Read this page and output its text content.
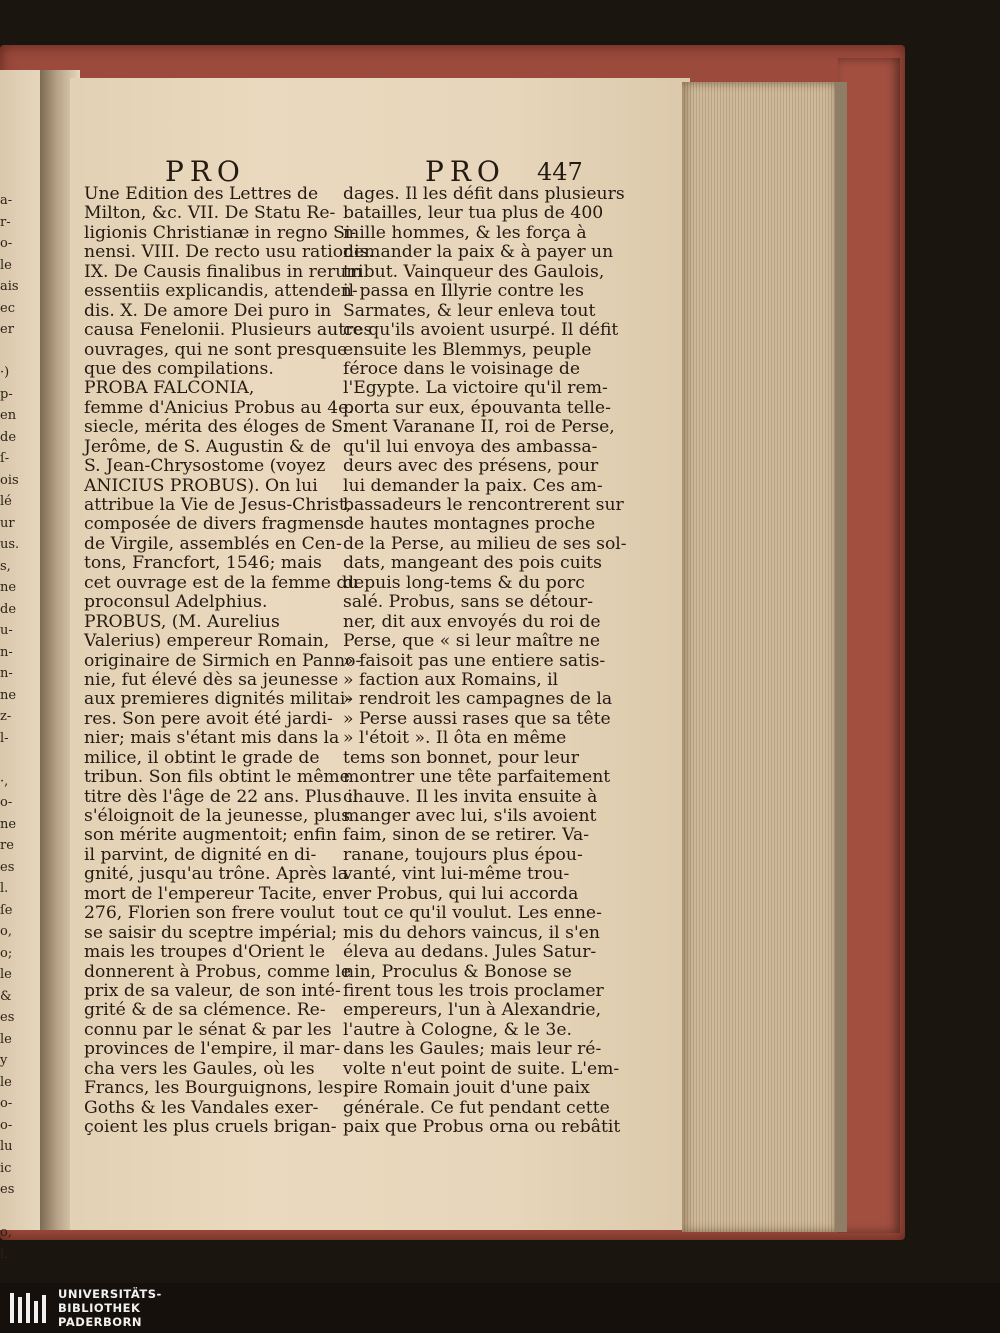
a-
r-
o-
le
ais
ec
er
·)
p-
en
de
ſ-
ois
lé
ur
us.
s,
ne
de
u-
n-
n-
ne
z-
l-
·,
o-
ne
re
es
l.
ſe
o,
o;
le
&
es
le
y
le
o-
o-
lu
ic
es
o,
l.
PRO	PRO 447
Une Edition des Lettres de
Milton, &c. VII. De Statu Re-
ligionis Christianæ in regno Si-
nensi. VIII. De recto usu rationis.
IX. De Causis finalibus in rerum
essentiis explicandis, attenden-
dis. X. De amore Dei puro in
causa Fenelonii. Plusieurs autres
ouvrages, qui ne sont presque
que des compilations.
PROBA FALCONIA,
femme d'Anicius Probus au 4e.
siecle, mérita des éloges de S.
Jerôme, de S. Augustin & de
S. Jean-Chrysostome (voyez
ANICIUS PROBUS). On lui
attribue la Vie de Jesus-Christ,
composée de divers fragmens
de Virgile, assemblés en Cen-
tons, Francfort, 1546; mais
cet ouvrage est de la femme du
proconsul Adelphius.
PROBUS, (M. Aurelius
Valerius) empereur Romain,
originaire de Sirmich en Panno-
nie, fut élevé dès sa jeunesse
aux premieres dignités militai-
res. Son pere avoit été jardi-
nier; mais s'étant mis dans la
milice, il obtint le grade de
tribun. Son fils obtint le même
titre dès l'âge de 22 ans. Plus il
s'éloignoit de la jeunesse, plus
son mérite augmentoit; enfin
il parvint, de dignité en di-
gnité, jusqu'au trône. Après la
mort de l'empereur Tacite, en
276, Florien son frere voulut
se saisir du sceptre impérial;
mais les troupes d'Orient le
donnerent à Probus, comme le
prix de sa valeur, de son inté-
grité & de sa clémence. Re-
connu par le sénat & par les
provinces de l'empire, il mar-
cha vers les Gaules, où les
Francs, les Bourguignons, les
Goths & les Vandales exer-
çoient les plus cruels brigan-
dages. Il les défit dans plusieurs
batailles, leur tua plus de 400
mille hommes, & les força à
demander la paix & à payer un
tribut. Vainqueur des Gaulois,
il passa en Illyrie contre les
Sarmates, & leur enleva tout
ce qu'ils avoient usurpé. Il défit
ensuite les Blemmys, peuple
féroce dans le voisinage de
l'Egypte. La victoire qu'il rem-
porta sur eux, épouvanta telle-
ment Varanane II, roi de Perse,
qu'il lui envoya des ambassa-
deurs avec des présens, pour
lui demander la paix. Ces am-
bassadeurs le rencontrerent sur
de hautes montagnes proche
de la Perse, au milieu de ses sol-
dats, mangeant des pois cuits
depuis long-tems & du porc
salé. Probus, sans se détour-
ner, dit aux envoyés du roi de
Perse, que « si leur maître ne
» faisoit pas une entiere satis-
» faction aux Romains, il
» rendroit les campagnes de la
» Perse aussi rases que sa tête
» l'étoit ». Il ôta en même
tems son bonnet, pour leur
montrer une tête parfaitement
chauve. Il les invita ensuite à
manger avec lui, s'ils avoient
faim, sinon de se retirer. Va-
ranane, toujours plus épou-
vanté, vint lui-même trou-
ver Probus, qui lui accorda
tout ce qu'il voulut. Les enne-
mis du dehors vaincus, il s'en
éleva au dedans. Jules Satur-
nin, Proculus & Bonose se
firent tous les trois proclamer
empereurs, l'un à Alexandrie,
l'autre à Cologne, & le 3e.
dans les Gaules; mais leur ré-
volte n'eut point de suite. L'em-
pire Romain jouit d'une paix
générale. Ce fut pendant cette
paix que Probus orna ou rebâtit
UNIVERSITÄTS-
BIBLIOTHEK
PADERBORN
